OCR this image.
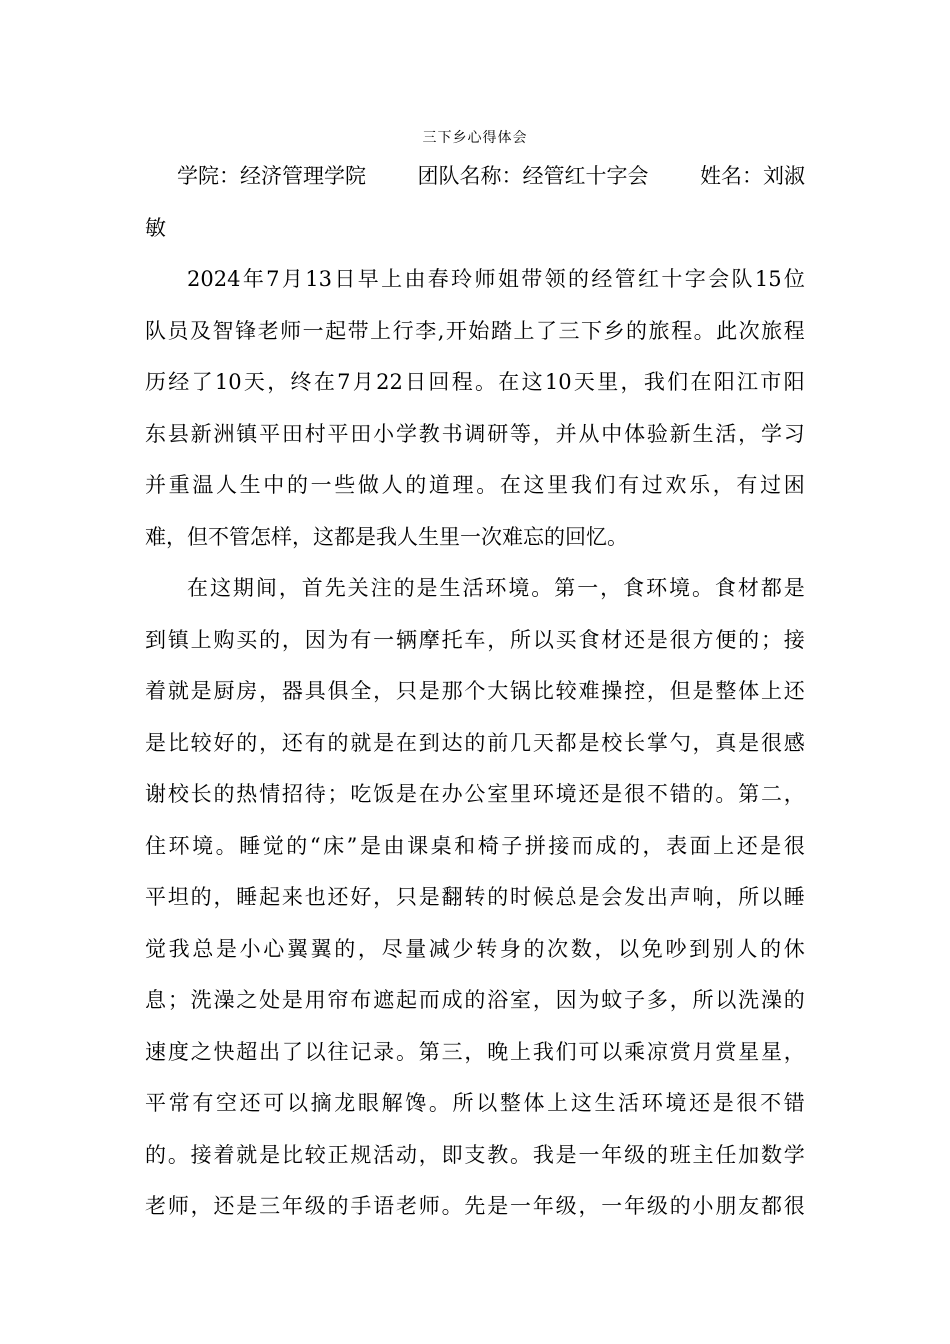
三下乡心得体会
学院：经济管理学院 团队名称：经管红十字会 姓名：刘淑
敏
2024 年 7 月 13 日 早 上 由 春 玲 师 姐 带 领 的 经 管 红 十 字 会 队 15 位
队 员 及 智 锋 老 师 一 起 带 上 行 李 , 开 始 踏 上 了 三 下 乡 的 旅 程 。 此 次 旅 程
历 经 了 10 天 ， 终 在 7 月 22 日 回 程 。 在 这 10 天 里 ， 我 们 在 阳 江 市 阳
东 县 新 洲 镇 平 田 村 平 田 小 学 教 书 调 研 等 ， 并 从 中 体 验 新 生 活 ， 学 习
并 重 温 人 生 中 的 一 些 做 人 的 道 理 。 在 这 里 我 们 有 过 欢 乐 ， 有 过 困
难，但不管怎样，这都是我人生里一次难忘的回忆。
在 这 期 间 ， 首 先 关 注 的 是 生 活 环 境 。 第 一 ， 食 环 境 。 食 材 都 是
到 镇 上 购 买 的 ， 因 为 有 一 辆 摩 托 车 ， 所 以 买 食 材 还 是 很 方 便 的 ； 接
着 就 是 厨 房 ， 器 具 俱 全 ， 只 是 那 个 大 锅 比 较 难 操 控 ， 但 是 整 体 上 还
是 比 较 好 的 ， 还 有 的 就 是 在 到 达 的 前 几 天 都 是 校 长 掌 勺 ， 真 是 很 感
谢 校 长 的 热 情 招 待 ； 吃 饭 是 在 办 公 室 里 环 境 还 是 很 不 错 的 。 第 二 ，
住 环 境 。 睡 觉 的 “ 床 ” 是 由 课 桌 和 椅 子 拼 接 而 成 的 ， 表 面 上 还 是 很
平 坦 的 ， 睡 起 来 也 还 好 ， 只 是 翻 转 的 时 候 总 是 会 发 出 声 响 ， 所 以 睡
觉 我 总 是 小 心 翼 翼 的 ， 尽 量 减 少 转 身 的 次 数 ， 以 免 吵 到 别 人 的 休
息 ； 洗 澡 之 处 是 用 帘 布 遮 起 而 成 的 浴 室 ， 因 为 蚊 子 多 ， 所 以 洗 澡 的
速 度 之 快 超 出 了 以 往 记 录 。 第 三 ， 晚 上 我 们 可 以 乘 凉 赏 月 赏 星 星 ，
平 常 有 空 还 可 以 摘 龙 眼 解 馋 。 所 以 整 体 上 这 生 活 环 境 还 是 很 不 错
的 。 接 着 就 是 比 较 正 规 活 动 ， 即 支 教 。 我 是 一 年 级 的 班 主 任 加 数 学
老 师 ， 还 是 三 年 级 的 手 语 老 师 。 先 是 一 年 级 ， 一 年 级 的 小 朋 友 都 很
